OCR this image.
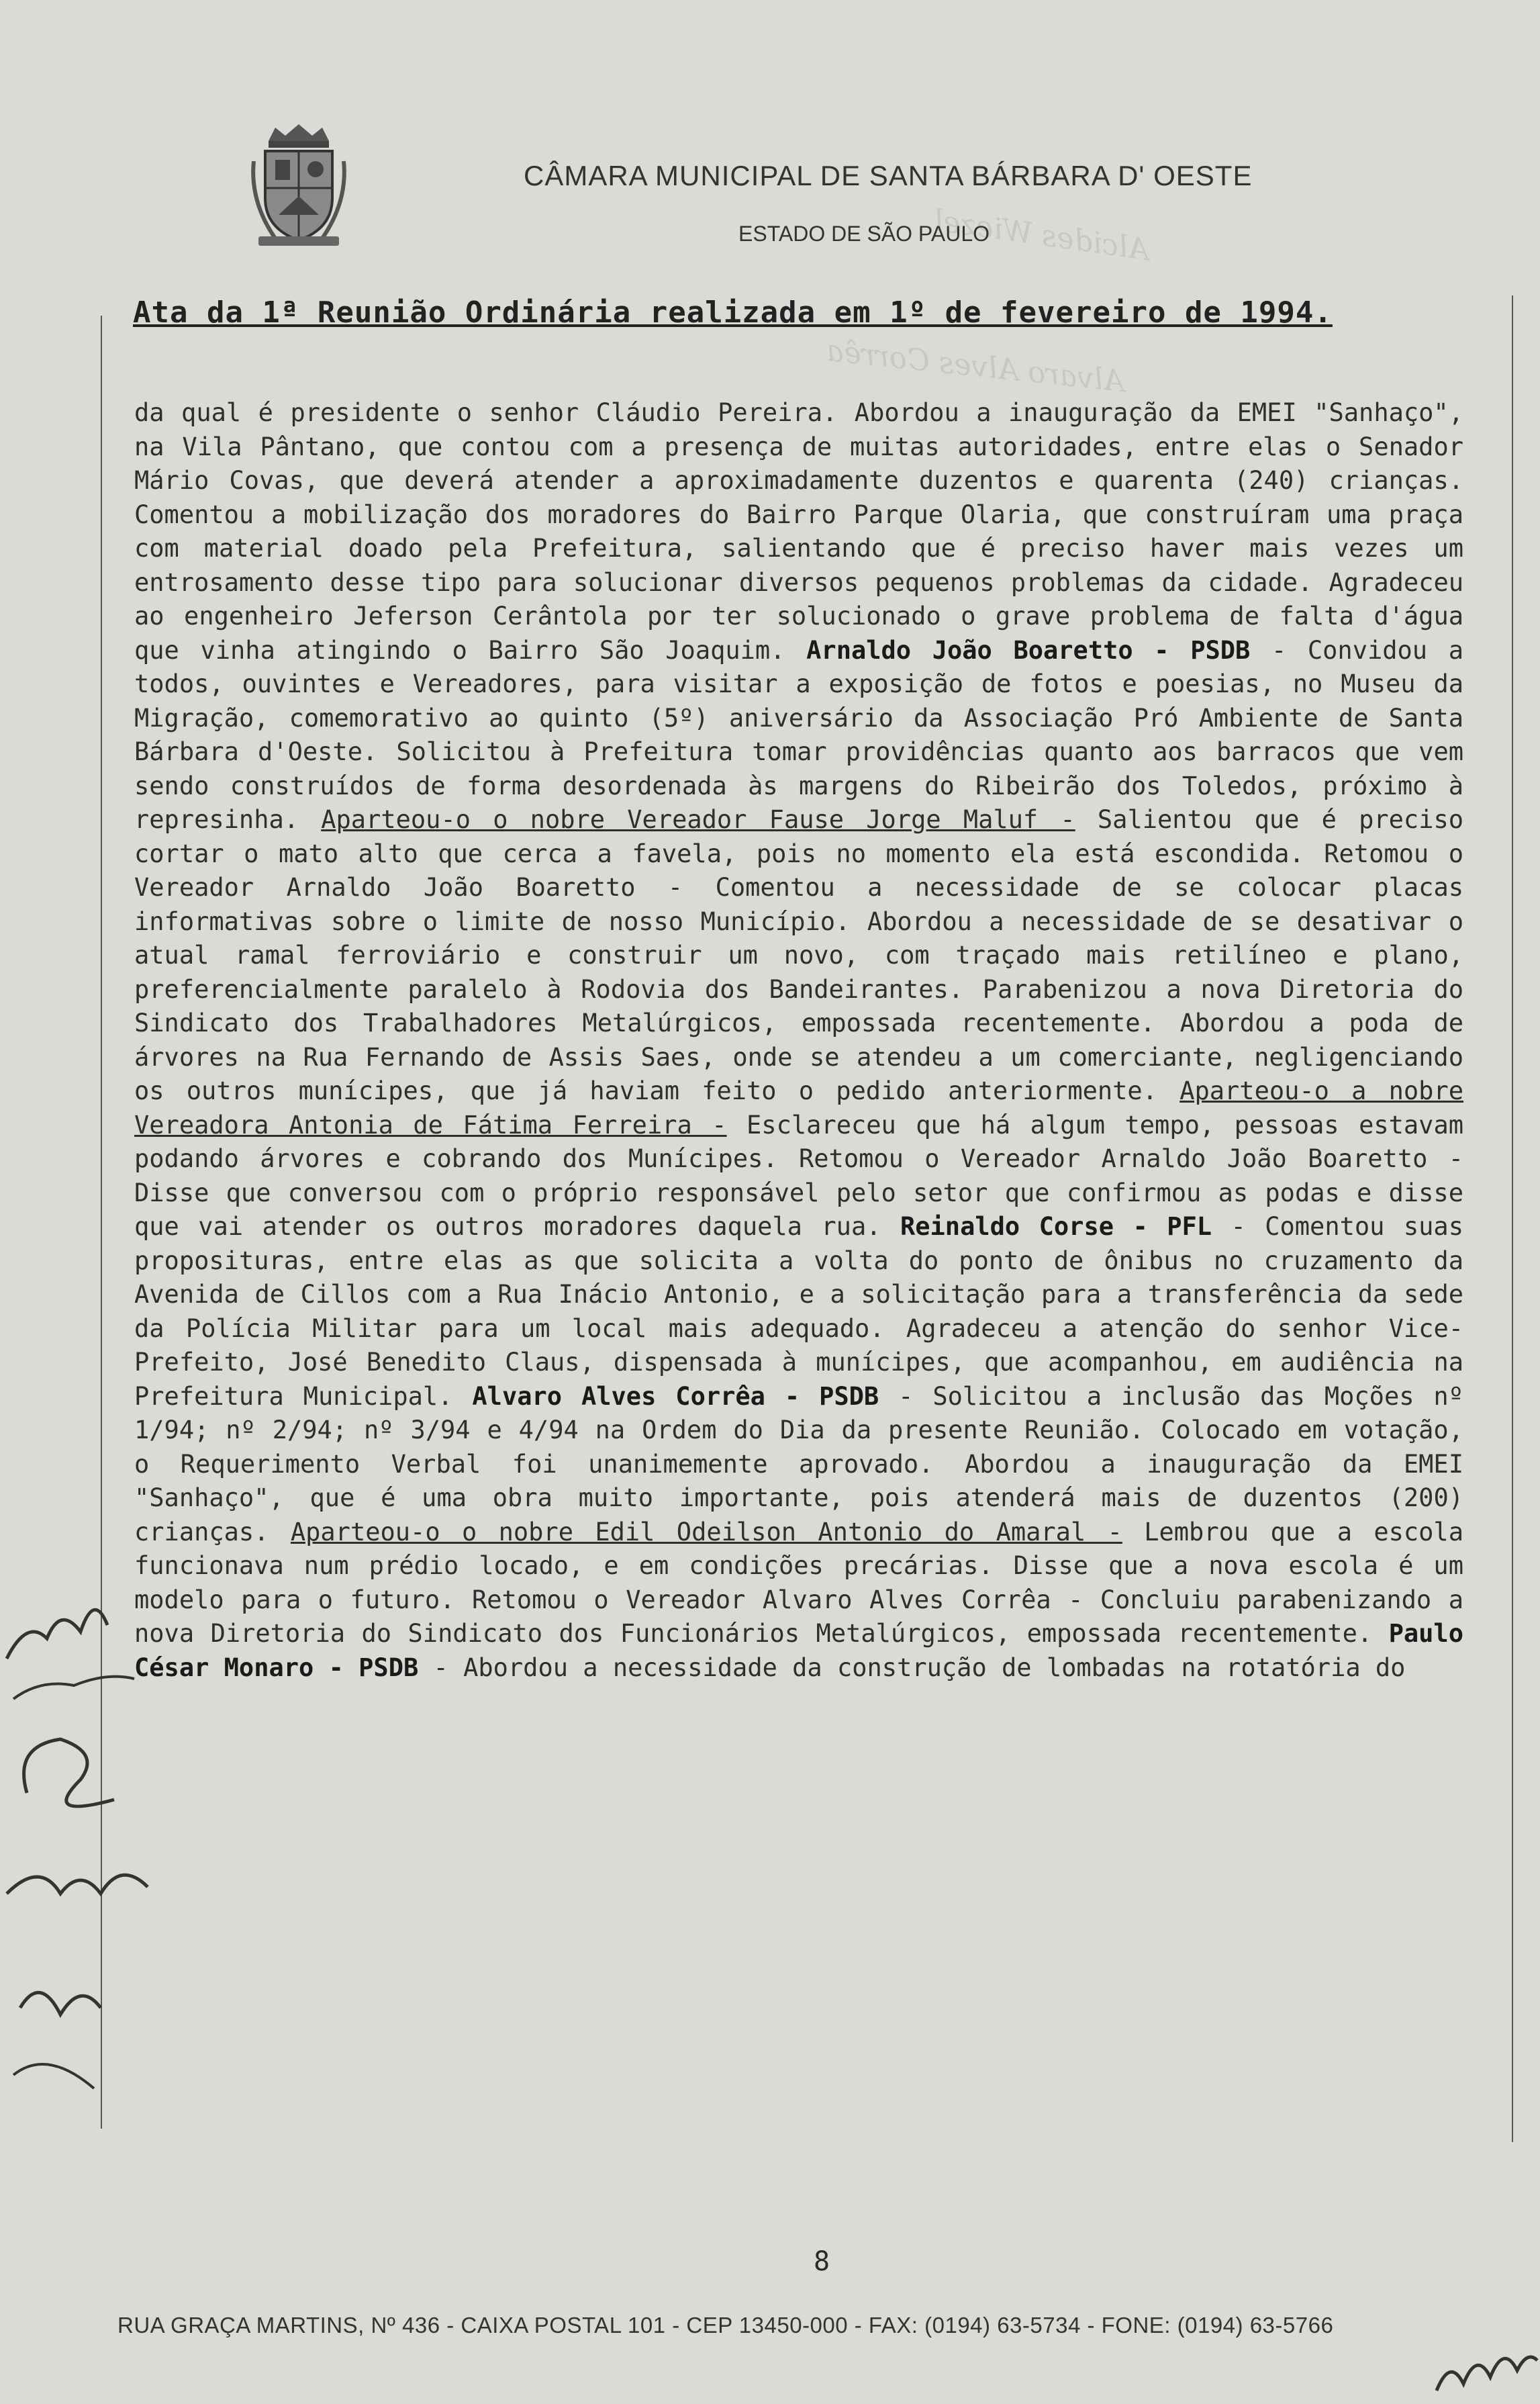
CÂMARA MUNICIPAL DE SANTA BÁRBARA D' OESTE
ESTADO DE SÃO PAULO
Alcides Wiezel
Alvaro Alves Corrêa
Ata da 1ª Reunião Ordinária realizada em 1º de fevereiro de 1994.
da qual é presidente o senhor Cláudio Pereira. Abordou a inauguração da EMEI "Sanhaço", na Vila Pântano, que contou com a presença de muitas autoridades, entre elas o Senador Mário Covas, que deverá atender a aproximadamente duzentos e quarenta (240) crianças. Comentou a mobilização dos moradores do Bairro Parque Olaria, que construíram uma praça com material doado pela Prefeitura, salientando que é preciso haver mais vezes um entrosamento desse tipo para solucionar diversos pequenos problemas da cidade. Agradeceu ao engenheiro Jeferson Cerântola por ter solucionado o grave problema de falta d'água que vinha atingindo o Bairro São Joaquim. Arnaldo João Boaretto - PSDB - Convidou a todos, ouvintes e Vereadores, para visitar a exposição de fotos e poesias, no Museu da Migração, comemorativo ao quinto (5º) aniversário da Associação Pró Ambiente de Santa Bárbara d'Oeste. Solicitou à Prefeitura tomar providências quanto aos barracos que vem sendo construídos de forma desordenada às margens do Ribeirão dos Toledos, próximo à represinha. Aparteou-o o nobre Vereador Fause Jorge Maluf - Salientou que é preciso cortar o mato alto que cerca a favela, pois no momento ela está escondida. Retomou o Vereador Arnaldo João Boaretto - Comentou a necessidade de se colocar placas informativas sobre o limite de nosso Município. Abordou a necessidade de se desativar o atual ramal ferroviário e construir um novo, com traçado mais retilíneo e plano, preferencialmente paralelo à Rodovia dos Bandeirantes. Parabenizou a nova Diretoria do Sindicato dos Trabalhadores Metalúrgicos, empossada recentemente. Abordou a poda de árvores na Rua Fernando de Assis Saes, onde se atendeu a um comerciante, negligenciando os outros munícipes, que já haviam feito o pedido anteriormente. Aparteou-o a nobre Vereadora Antonia de Fátima Ferreira - Esclareceu que há algum tempo, pessoas estavam podando árvores e cobrando dos Munícipes. Retomou o Vereador Arnaldo João Boaretto - Disse que conversou com o próprio responsável pelo setor que confirmou as podas e disse que vai atender os outros moradores daquela rua. Reinaldo Corse - PFL - Comentou suas proposituras, entre elas as que solicita a volta do ponto de ônibus no cruzamento da Avenida de Cillos com a Rua Inácio Antonio, e a solicitação para a transferência da sede da Polícia Militar para um local mais adequado. Agradeceu a atenção do senhor Vice-Prefeito, José Benedito Claus, dispensada à munícipes, que acompanhou, em audiência na Prefeitura Municipal. Alvaro Alves Corrêa - PSDB - Solicitou a inclusão das Moções nº 1/94; nº 2/94; nº 3/94 e 4/94 na Ordem do Dia da presente Reunião. Colocado em votação, o Requerimento Verbal foi unanimemente aprovado. Abordou a inauguração da EMEI "Sanhaço", que é uma obra muito importante, pois atenderá mais de duzentos (200) crianças. Aparteou-o o nobre Edil Odeilson Antonio do Amaral - Lembrou que a escola funcionava num prédio locado, e em condições precárias. Disse que a nova escola é um modelo para o futuro. Retomou o Vereador Alvaro Alves Corrêa - Concluiu parabenizando a nova Diretoria do Sindicato dos Funcionários Metalúrgicos, empossada recentemente. Paulo César Monaro - PSDB - Abordou a necessidade da construção de lombadas na rotatória do
8
RUA GRAÇA MARTINS, Nº 436 - CAIXA POSTAL 101 - CEP 13450-000 - FAX: (0194) 63-5734 - FONE: (0194) 63-5766
